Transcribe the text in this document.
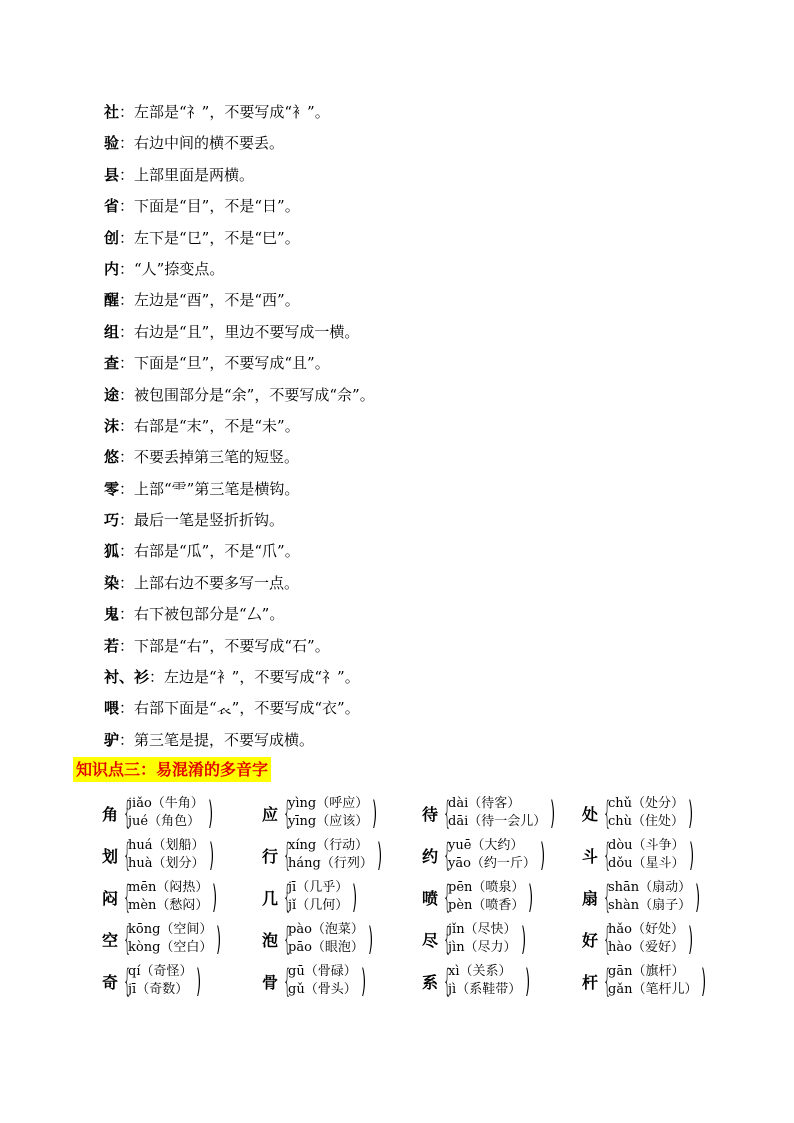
社：左部是“礻”，不要写成“衤”。
验：右边中间的横不要丢。
县：上部里面是两横。
省：下面是“目”，不是“日”。
创：左下是“㔾”，不是“巳”。
内：“人”捺变点。
醒：左边是“酉”，不是“西”。
组：右边是“且”，里边不要写成一横。
查：下面是“旦”，不要写成“且”。
途：被包围部分是“余”，不要写成“佘”。
沫：右部是“末”，不是“未”。
悠：不要丢掉第三笔的短竖。
零：上部“⻗”第三笔是横钩。
巧：最后一笔是竖折折钩。
狐：右部是“瓜”，不是“爪”。
染：上部右边不要多写一点。
鬼：右下被包部分是“厶”。
若：下部是“右”，不要写成“石”。
衬、衫：左边是“衤”，不要写成“礻”。
喂：右部下面是“𧘇”，不要写成“衣”。
驴：第三笔是提，不要写成横。
知识点三：易混淆的多音字
角 {
jiǎo（牛角）
jué（角色） )	应 {
yìng（呼应）
yīng（应该） )	待 {
dài（待客）
dāi（待一会儿） ) 处 {
chǔ（处分）
chù（住处） )
划 {
huá（划船）
huà（划分） )	行 {
xíng（行动）
háng（行列） )	约 {
yuē（大约）
yāo（约一斤） ) 斗 {
dòu（斗争）
dǒu（星斗） )
闷 {
mēn（闷热）
mèn（愁闷） )	几 {
jī（几乎）
jǐ（几何） )	喷 {
pēn（喷泉）
pèn（喷香） )	扇 {
shān（扇动）
shàn（扇子） )
空 {
kōng（空间）
kòng（空白） )	泡 {
pào（泡菜）
pāo（眼泡） )	尽 {
jǐn（尽快）
jìn（尽力） )	好 {
hǎo（好处）
hào（爱好） )
奇 {
qí（奇怪）
jī（奇数） )	骨 {
gū（骨碌）
gǔ（骨头） )	系 {
xì（关系）
jì（系鞋带） )	杆 {
gān（旗杆）
gǎn（笔杆儿） )
